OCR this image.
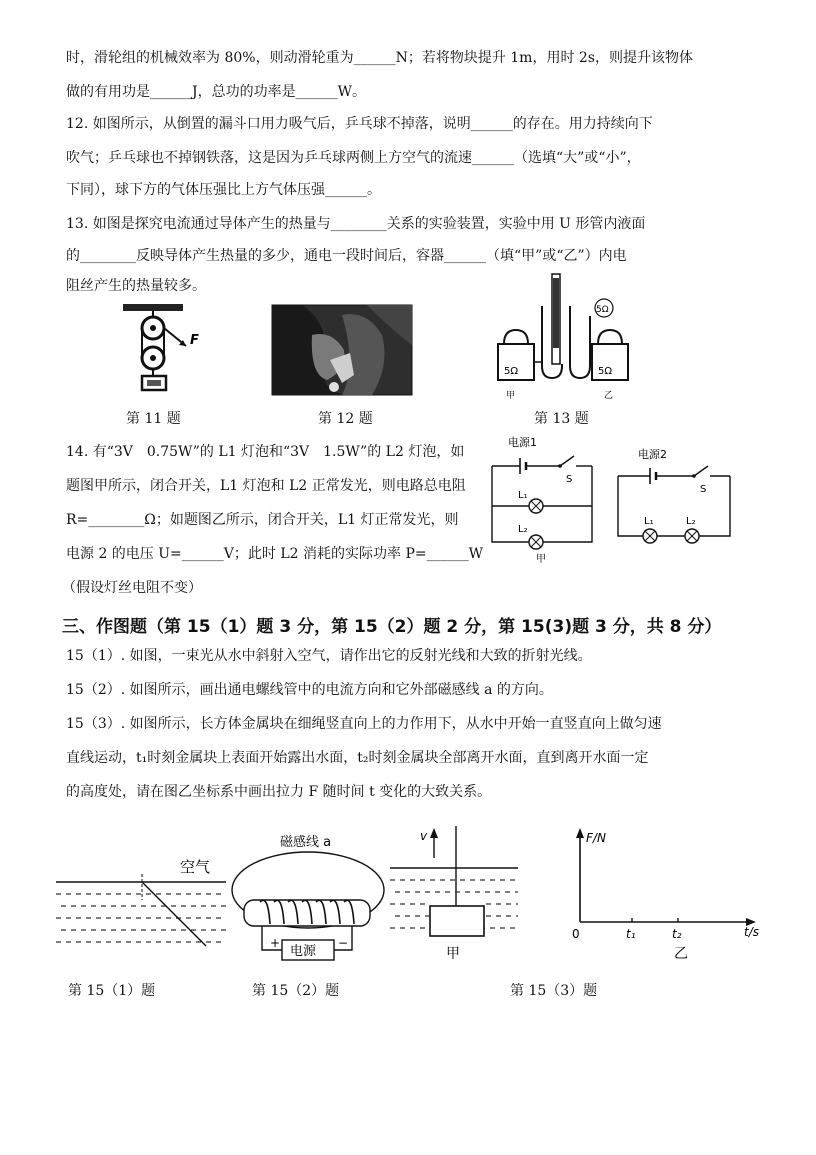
时，滑轮组的机械效率为 80%，则动滑轮重为______N；若将物块提升 1m，用时 2s，则提升该物体
做的有用功是______J，总功的功率是______W。
12. 如图所示，从倒置的漏斗口用力吸气后，乒乓球不掉落，说明______的存在。用力持续向下
吹气；乒乓球也不掉钢铁落，这是因为乒乓球两侧上方空气的流速______（选填“大”或“小”，
下同），球下方的气体压强比上方气体压强______。
13. 如图是探究电流通过导体产生的热量与________关系的实验装置，实验中用 U 形管内液面
的________反映导体产生热量的多少，通电一段时间后，容器______（填“甲”或“乙”）内电
阻丝产生的热量较多。
F
5Ω	5Ω
5Ω
甲	乙
第 11 题	第 12 题	第 13 题
14. 有“3V　0.75W”的 L1 灯泡和“3V　1.5W”的 L2 灯泡，如
题图甲所示，闭合开关，L1 灯泡和 L2 正常发光，则电路总电阻
R=________Ω；如题图乙所示，闭合开关，L1 灯正常发光，则
电源 2 的电压 U=______V；此时 L2 消耗的实际功率 P=______W
（假设灯丝电阻不变）
电源1
S
L₁
L₂
甲
电源2
S
L₁	L₂
三、作图题（第 15（1）题 3 分，第 15（2）题 2 分，第 15(3)题 3 分，共 8 分）
15（1）. 如图，一束光从水中斜射入空气，请作出它的反射光线和大致的折射光线。
15（2）. 如图所示，画出通电螺线管中的电流方向和它外部磁感线 a 的方向。
15（3）. 如图所示，长方体金属块在细绳竖直向上的力作用下，从水中开始一直竖直向上做匀速
直线运动，t₁时刻金属块上表面开始露出水面，t₂时刻金属块全部离开水面，直到离开水面一定
的高度处，请在图乙坐标系中画出拉力 F 随时间 t 变化的大致关系。
空气
磁感线 a
电源
+	−
v
甲
F/N
0	t₁	t₂	t/s
乙
第 15（1）题	第 15（2）题	第 15（3）题
